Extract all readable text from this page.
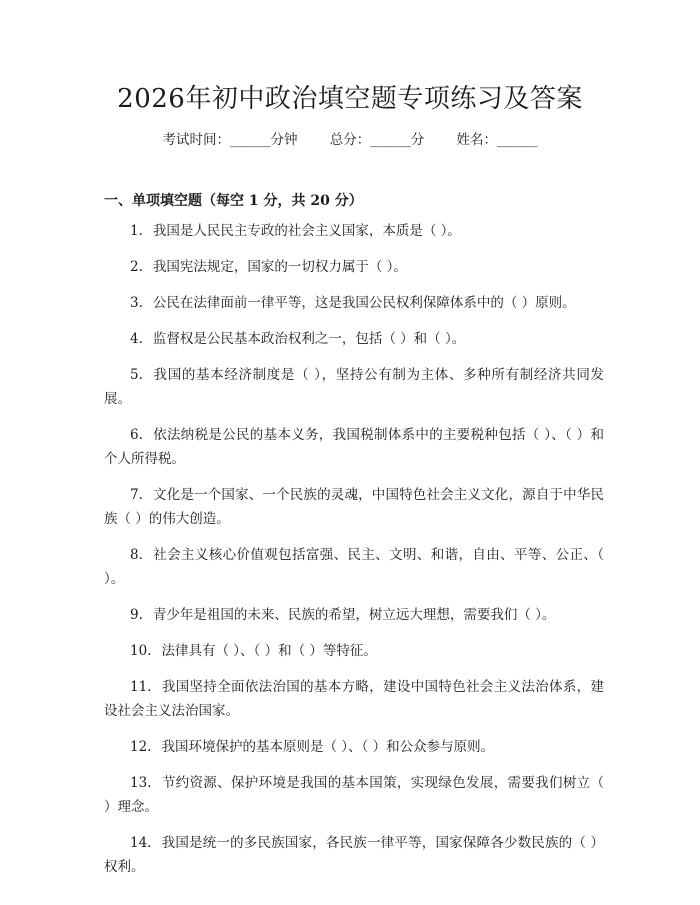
2026年初中政治填空题专项练习及答案
考试时间：______分钟 总分：______分 姓名：______
一、单项填空题（每空 1 分，共 20 分）
1. 我国是人民民主专政的社会主义国家，本质是（ ）。
2. 我国宪法规定，国家的一切权力属于（ ）。
3. 公民在法律面前一律平等，这是我国公民权利保障体系中的（ ）原则。
4. 监督权是公民基本政治权利之一，包括（ ）和（ ）。
5. 我国的基本经济制度是（ ），坚持公有制为主体、多种所有制经济共同发展。
6. 依法纳税是公民的基本义务，我国税制体系中的主要税种包括（ ）、（ ）和个人所得税。
7. 文化是一个国家、一个民族的灵魂，中国特色社会主义文化，源自于中华民族（ ）的伟大创造。
8. 社会主义核心价值观包括富强、民主、文明、和谐，自由、平等、公正、（ ）。
9. 青少年是祖国的未来、民族的希望，树立远大理想，需要我们（ ）。
10. 法律具有（ ）、（ ）和（ ）等特征。
11. 我国坚持全面依法治国的基本方略，建设中国特色社会主义法治体系，建设社会主义法治国家。
12. 我国环境保护的基本原则是（ ）、（ ）和公众参与原则。
13. 节约资源、保护环境是我国的基本国策，实现绿色发展，需要我们树立（ ）理念。
14. 我国是统一的多民族国家，各民族一律平等，国家保障各少数民族的（ ）权利。
